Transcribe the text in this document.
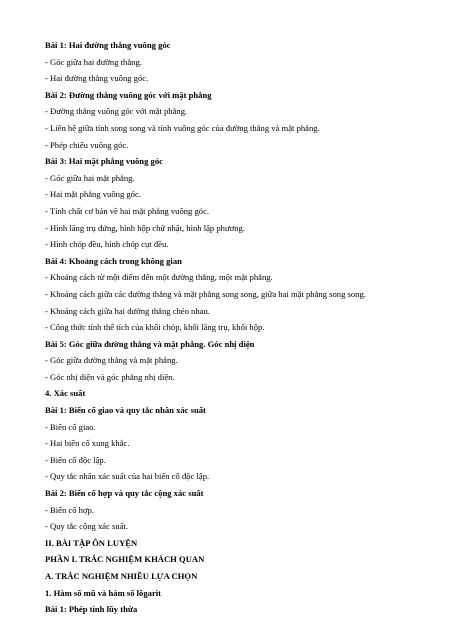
Bài 1: Hai đường thẳng vuông góc
- Góc giữa hai đường thẳng.
- Hai đường thẳng vuông góc.
Bài 2: Đường thẳng vuông góc với mặt phẳng
- Đường thẳng vuông góc với mặt phẳng.
- Liên hệ giữa tính song song và tính vuông góc của đường thẳng và mặt phẳng.
- Phép chiếu vuông góc.
Bài 3: Hai mặt phẳng vuông góc
- Góc giữa hai mặt phẳng.
- Hai mặt phẳng vuông góc.
- Tính chất cơ bản về hai mặt phẳng vuông góc.
- Hình lăng trụ đứng, hình hộp chữ nhật, hình lập phương.
- Hình chóp đều, hình chóp cụt đều.
Bài 4: Khoảng cách trong không gian
- Khoảng cách từ một điểm đến một đường thẳng, một mặt phẳng.
- Khoảng cách giữa các đường thẳng và mặt phẳng song song, giữa hai mặt phẳng song song.
- Khoảng cách giữa hai đường thẳng chéo nhau.
- Công thức tính thể tích của khối chóp, khối lăng trụ, khối hộp.
Bài 5: Góc giữa đường thẳng và mặt phẳng. Góc nhị diện
- Góc giữa đường thẳng và mặt phẳng.
- Góc nhị diện và góc phẳng nhị diện.
4. Xác suất
Bài 1: Biến cố giao và quy tắc nhân xác suất
- Biến cố giao.
- Hai biến cố xung khắc.
- Biến cố độc lập.
- Quy tắc nhân xác suất của hai biến cố độc lập.
Bài 2: Biến cố hợp và quy tắc cộng xác suất
- Biến cố hợp.
- Quy tắc cộng xác suất.
II. BÀI TẬP ÔN LUYỆN
PHẦN I. TRẮC NGHIỆM KHÁCH QUAN
A. TRẮC NGHIỆM NHIỀU LỰA CHỌN
1. Hàm số mũ và hàm số lôgarit
Bài 1: Phép tính lũy thừa
